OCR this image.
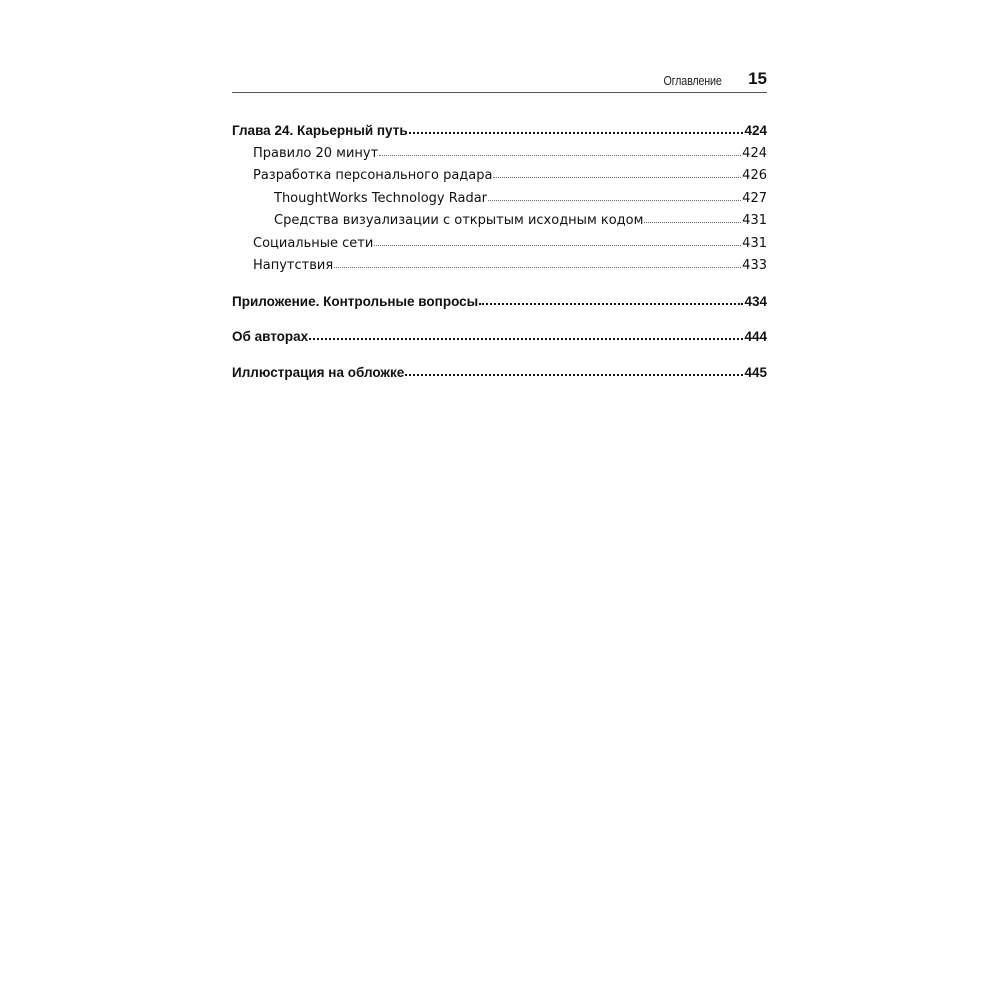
Оглавление 15
Глава 24. Карьерный путь	424
Правило 20 минут	424
Разработка персонального радара	426
ThoughtWorks Technology Radar	427
Средства визуализации с открытым исходным кодом	431
Социальные сети	431
Напутствия	433
Приложение. Контрольные вопросы	434
Об авторах	444
Иллюстрация на обложке	445
